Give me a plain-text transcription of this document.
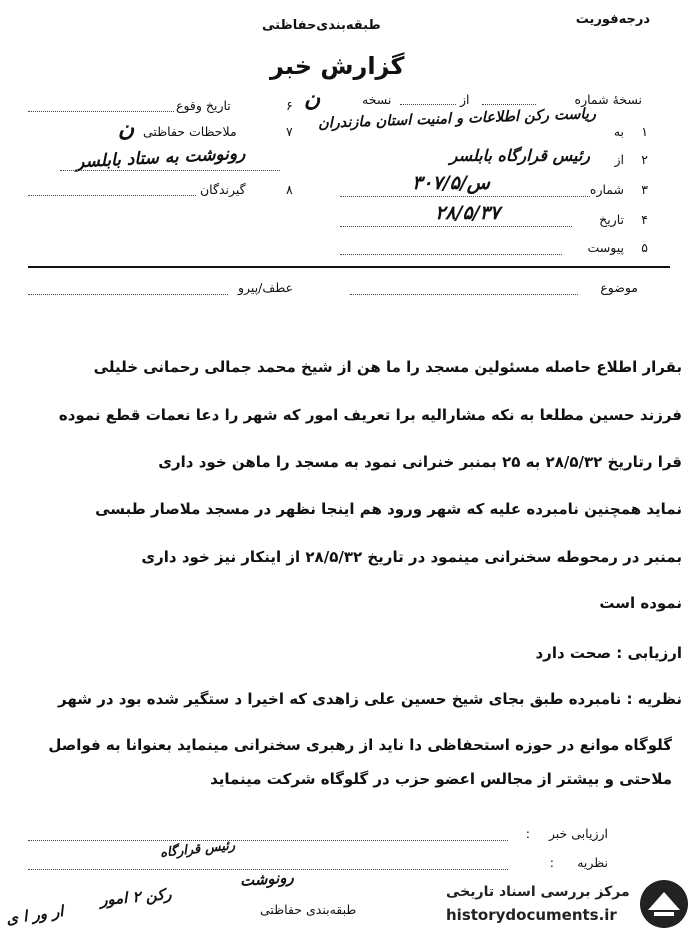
درجه‌فوریت
طبقه‌بندی‌حفاظتی
گزارش خبر
نسخهٔ شماره
از
نسخه
۶
تاریخ وقوع	ن
۷
ملاحظات حفاظتی
ن
رونوشت به ستاد بابلسر
۸
گیرندگان
۱
به
ریاست رکن اطلاعات و امنیت استان مازندران
۲
از
رئیس قرارگاه بابلسر
۳
شماره
۳۰۷/۵/س
۴
تاریخ
۲۸/۵/۳۷
۵
پیوست
موضوع
عطف/پیرو
بقرار اطلاع حاصله مسئولین مسجد را ما هن از شیخ محمد جمالی رحمانی خلیلی
فرزند حسین مطلعا به نکه مشارالیه برا تعریف امور که شهر را دعا نعمات قطع نموده
قرا رتاریخ ۲۸/۵/۳۲ به ۲۵ بمنبر خنرانی نمود به مسجد را ماهن خود داری
نماید همچنین نامبرده علیه که شهر ورود هم اینجا نظهر در مسجد ملاصار طبسی
بمنبر در رمحوطه سخنرانی مینمود در تاریخ ۲۸/۵/۳۲ از اینکار نیز خود داری
نموده است
ارزیابی : صحت دارد
نظریه : نامبرده طبق بجای شیخ حسین علی زاهدی که اخیرا د ستگیر شده بود در شهر
گلوگاه موانع در حوزه استحفاظی دا ناید از رهبری سخنرانی مینماید بعنوانا به فواصل
ملاحتی و بیشتر از مجالس اعضو حزب در گلوگاه شرکت مینماید
ارزیابی خبر
:
نظریه
:
رئیس قرارگاه
رونوشت
رکن ۲ امور
طبقه‌بندی حفاظتی
ار ور ا ی
مرکز بررسی اسناد تاریخی
historydocuments.ir
